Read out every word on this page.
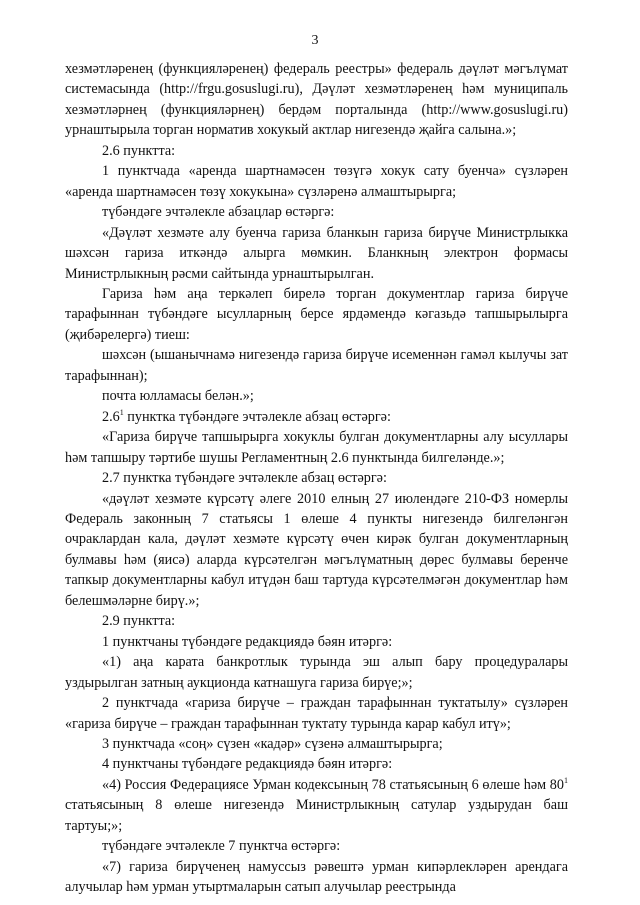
3

хезмәтләренең (функцияләренең) федераль реестры» федераль дәүләт мәгълүмат системасында (http://frgu.gosuslugi.ru), Дәүләт хезмәтләренең һәм муниципаль хезмәтләрнең (функцияләрнең) бердәм порталында (http://www.gosuslugi.ru) урнаштырыла торган норматив хокукый актлар нигезендә җайга салына.»;

2.6 пунктта:

1 пунктчада «аренда шартнамәсен төзүгә хокук сату буенча» сүзләрен «аренда шартнамәсен төзү хокукына» сүзләренә алмаштырырга;

түбәндәге эчтәлекле абзацлар өстәргә:

«Дәүләт хезмәте алу буенча гариза бланкын гариза бирүче Министрлыкка шәхсән гариза иткәндә алырга мөмкин. Бланкның электрон формасы Министрлыкның рәсми сайтында урнаштырылган.

Гариза һәм аңа теркәлеп бирелә торган документлар гариза бирүче тарафыннан түбәндәге ысулларның берсе ярдәмендә кәгазьдә тапшырылырга (җибәрелергә) тиеш:

шәхсән (ышанычнамә нигезендә гариза бирүче исеменнән гамәл кылучы зат тарафыннан);

почта юлламасы белән.»;

$2.6^1$ пунктка түбәндәге эчтәлекле абзац өстәргә:

«Гариза бирүче тапшырырга хокуклы булган документларны алу ысуллары һәм тапшыру тәртибе шушы Регламентның 2.6 пунктында билгеләнде.»;

2.7 пунктка түбәндәге эчтәлекле абзац өстәргә:

«дәүләт хезмәте күрсәтү әлеге 2010 елның 27 июлендәге 210-ФЗ номерлы Федераль законның 7 статьясы 1 өлеше 4 пункты нигезендә билгеләнгән очраклардан кала, дәүләт хезмәте күрсәтү өчен кирәк булган документларның булмавы һәм (яисә) аларда күрсәтелгән мәгълүматның дөрес булмавы беренче тапкыр документларны кабул итүдән баш тартуда күрсәтелмәгән документлар һәм белешмәләрне бирү.»;

2.9 пунктта:

1 пунктчаны түбәндәге редакциядә бәян итәргә:

«1) аңа карата банкротлык турында эш алып бару процедуралары уздырылган затның аукционда катнашуга гариза бирүе;»;

2 пунктчада «гариза бирүче – граждан тарафыннан туктатылу» сүзләрен «гариза бирүче – граждан тарафыннан туктату турында карар кабул итү»;

3 пунктчада «соң» сүзен «кадәр» сүзенә алмаштырырга;

4 пунктчаны түбәндәге редакциядә бәян итәргә:

«4) Россия Федерациясе Урман кодексының 78 статьясының 6 өлеше һәм $80^1$ статьясының 8 өлеше нигезендә Министрлыкның сатулар уздырудан баш тартуы;»;

түбәндәге эчтәлекле 7 пунктча өстәргә:

«7) гариза бирүченең намуссыз рәвештә урман кипәрлекләрен арендага алучылар һәм урман утыртмаларын сатып алучылар реестрында
